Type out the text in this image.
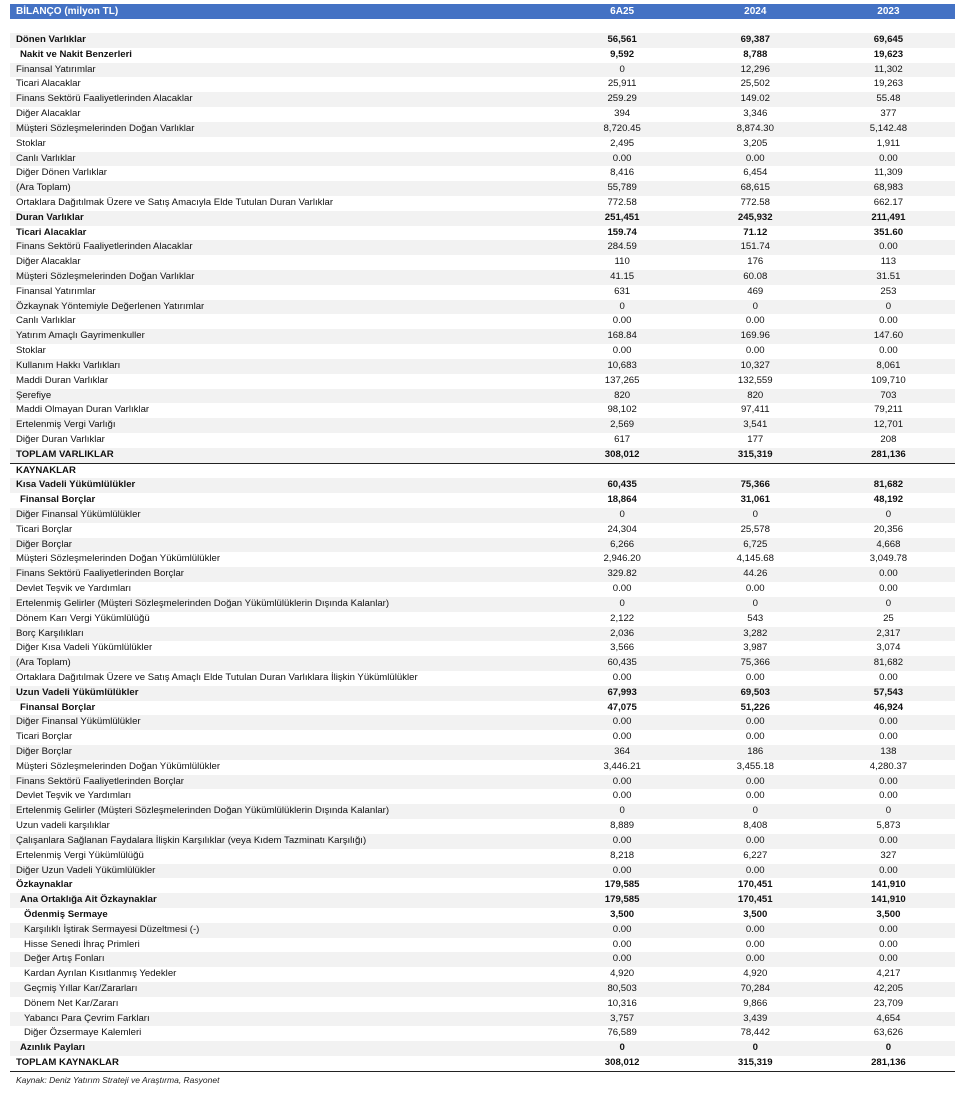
BİLANÇO (milyon TL)	6A25	2024	2023

Dönen Varlıklar	56,561	69,387	69,645
Nakit ve Nakit Benzerleri	9,592	8,788	19,623
Finansal Yatırımlar	0	12,296	11,302
Ticari Alacaklar	25,911	25,502	19,263
Finans Sektörü Faaliyetlerinden Alacaklar	259.29	149.02	55.48
Diğer Alacaklar	394	3,346	377
Müşteri Sözleşmelerinden Doğan Varlıklar	8,720.45	8,874.30	5,142.48
Stoklar	2,495	3,205	1,911
Canlı Varlıklar	0.00	0.00	0.00
Diğer Dönen Varlıklar	8,416	6,454	11,309
(Ara Toplam)	55,789	68,615	68,983
Ortaklara Dağıtılmak Üzere ve Satış Amacıyla Elde Tutulan Duran Varlıklar	772.58	772.58	662.17
Duran Varlıklar	251,451	245,932	211,491
Ticari Alacaklar	159.74	71.12	351.60
Finans Sektörü Faaliyetlerinden Alacaklar	284.59	151.74	0.00
Diğer Alacaklar	110	176	113
Müşteri Sözleşmelerinden Doğan Varlıklar	41.15	60.08	31.51
Finansal Yatırımlar	631	469	253
Özkaynak Yöntemiyle Değerlenen Yatırımlar	0	0	0
Canlı Varlıklar	0.00	0.00	0.00
Yatırım Amaçlı Gayrimenkuller	168.84	169.96	147.60
Stoklar	0.00	0.00	0.00
Kullanım Hakkı Varlıkları	10,683	10,327	8,061
Maddi Duran Varlıklar	137,265	132,559	109,710
Şerefiye	820	820	703
Maddi Olmayan Duran Varlıklar	98,102	97,411	79,211
Ertelenmiş Vergi Varlığı	2,569	3,541	12,701
Diğer Duran Varlıklar	617	177	208
TOPLAM VARLIKLAR	308,012	315,319	281,136
KAYNAKLAR			
Kısa Vadeli Yükümlülükler	60,435	75,366	81,682
Finansal Borçlar	18,864	31,061	48,192
Diğer Finansal Yükümlülükler	0	0	0
Ticari Borçlar	24,304	25,578	20,356
Diğer Borçlar	6,266	6,725	4,668
Müşteri Sözleşmelerinden Doğan Yükümlülükler	2,946.20	4,145.68	3,049.78
Finans Sektörü Faaliyetlerinden Borçlar	329.82	44.26	0.00
Devlet Teşvik ve Yardımları	0.00	0.00	0.00
Ertelenmiş Gelirler (Müşteri Sözleşmelerinden Doğan Yükümlülüklerin Dışında Kalanlar)	0	0	0
Dönem Karı Vergi Yükümlülüğü	2,122	543	25
Borç Karşılıkları	2,036	3,282	2,317
Diğer Kısa Vadeli Yükümlülükler	3,566	3,987	3,074
(Ara Toplam)	60,435	75,366	81,682
Ortaklara Dağıtılmak Üzere ve Satış Amaçlı Elde Tutulan Duran Varlıklara İlişkin Yükümlülükler	0.00	0.00	0.00
Uzun Vadeli Yükümlülükler	67,993	69,503	57,543
Finansal Borçlar	47,075	51,226	46,924
Diğer Finansal Yükümlülükler	0.00	0.00	0.00
Ticari Borçlar	0.00	0.00	0.00
Diğer Borçlar	364	186	138
Müşteri Sözleşmelerinden Doğan Yükümlülükler	3,446.21	3,455.18	4,280.37
Finans Sektörü Faaliyetlerinden Borçlar	0.00	0.00	0.00
Devlet Teşvik ve Yardımları	0.00	0.00	0.00
Ertelenmiş Gelirler (Müşteri Sözleşmelerinden Doğan Yükümlülüklerin Dışında Kalanlar)	0	0	0
Uzun vadeli karşılıklar	8,889	8,408	5,873
Çalışanlara Sağlanan Faydalara İlişkin Karşılıklar (veya Kıdem Tazminatı Karşılığı)	0.00	0.00	0.00
Ertelenmiş Vergi Yükümlülüğü	8,218	6,227	327
Diğer Uzun Vadeli Yükümlülükler	0.00	0.00	0.00
Özkaynaklar	179,585	170,451	141,910
Ana Ortaklığa Ait Özkaynaklar	179,585	170,451	141,910
Ödenmiş Sermaye	3,500	3,500	3,500
Karşılıklı İştirak Sermayesi Düzeltmesi (-)	0.00	0.00	0.00
Hisse Senedi İhraç Primleri	0.00	0.00	0.00
Değer Artış Fonları	0.00	0.00	0.00
Kardan Ayrılan Kısıtlanmış Yedekler	4,920	4,920	4,217
Geçmiş Yıllar Kar/Zararları	80,503	70,284	42,205
Dönem Net Kar/Zararı	10,316	9,866	23,709
Yabancı Para Çevrim Farkları	3,757	3,439	4,654
Diğer Özsermaye Kalemleri	76,589	78,442	63,626
Azınlık Payları	0	0	0
TOPLAM KAYNAKLAR	308,012	315,319	281,136
Kaynak: Deniz Yatırım Strateji ve Araştırma, Rasyonet
